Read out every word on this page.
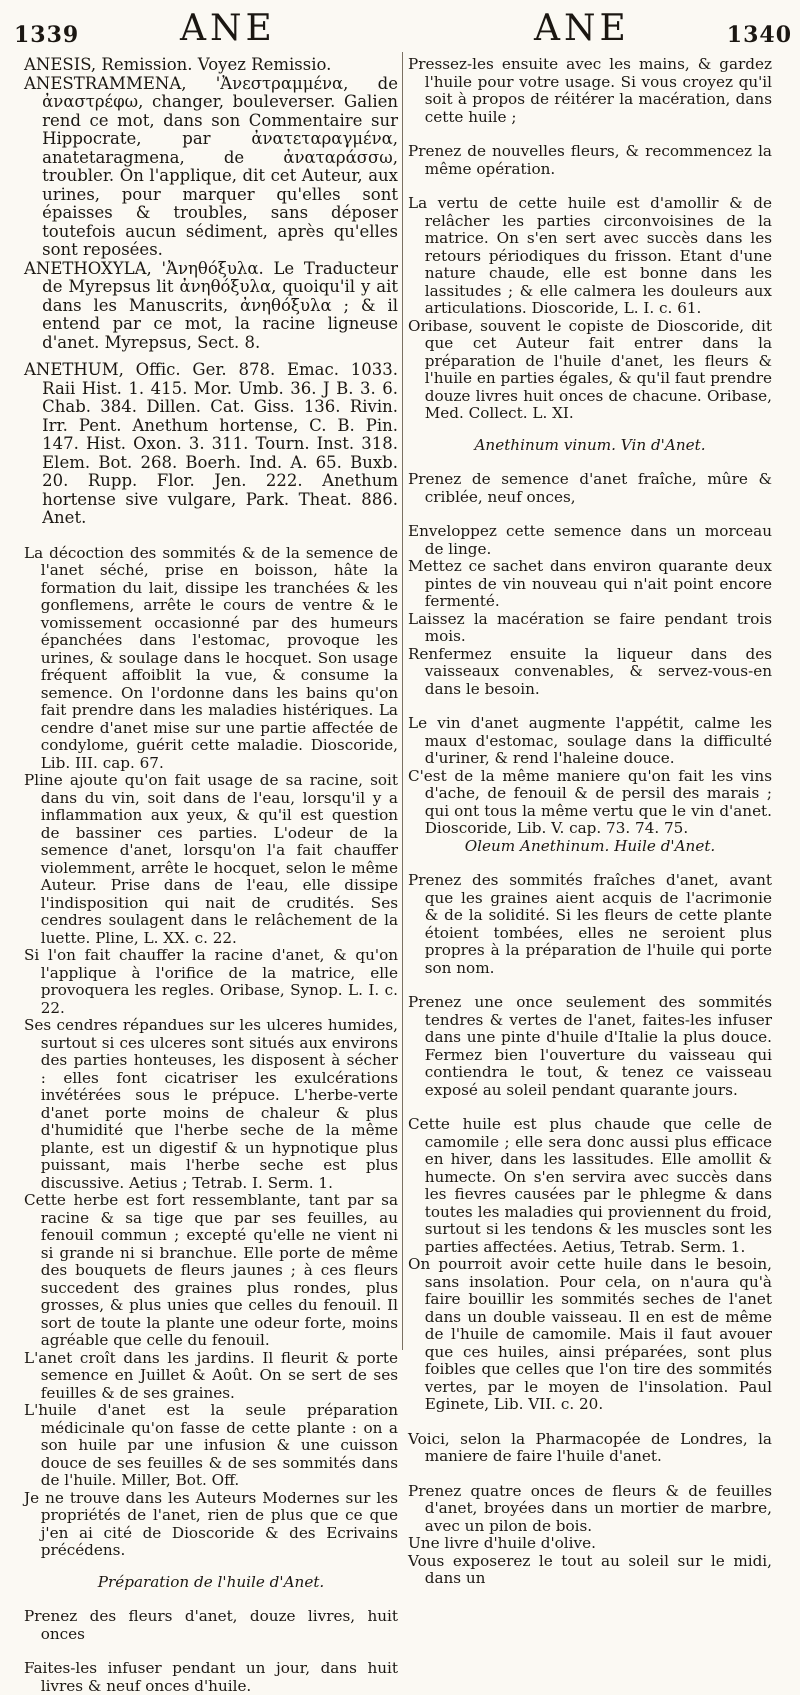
1339	ANE	ANE	1340

ANESIS, Remission. Voyez Remissio.

ANESTRAMMENA, 'Ἀνεστραμμένα, de ἀναστρέφω, changer, bouleverser. Galien rend ce mot, dans son Commentaire sur Hippocrate, par ἀνατεταραγμένα, anatetaragmena, de ἀναταράσσω, troubler. On l'applique, dit cet Auteur, aux urines, pour marquer qu'elles sont épaisses & troubles, sans déposer toutefois aucun sédiment, après qu'elles sont reposées.

ANETHOXYLA, 'Ἀνηθόξυλα. Le Traducteur de Myrepsus lit ἀνηθόξυλα, quoiqu'il y ait dans les Manuscrits, ἀνηθόξυλα ; & il entend par ce mot, la racine ligneuse d'anet. Myrepsus, Sect. 8.

ANETHUM, Offic. Ger. 878. Emac. 1033. Raii Hist. 1. 415. Mor. Umb. 36. J B. 3. 6. Chab. 384. Dillen. Cat. Giss. 136. Rivin. Irr. Pent. Anethum hortense, C. B. Pin. 147. Hist. Oxon. 3. 311. Tourn. Inst. 318. Elem. Bot. 268. Boerh. Ind. A. 65. Buxb. 20. Rupp. Flor. Jen. 222. Anethum hortense sive vulgare, Park. Theat. 886. Anet.

La décoction des sommités & de la semence de l'anet séché, prise en boisson, hâte la formation du lait, dissipe les tranchées & les gonflemens, arrête le cours de ventre & le vomissement occasionné par des humeurs épanchées dans l'estomac, provoque les urines, & soulage dans le hocquet. Son usage fréquent affoiblit la vue, & consume la semence. On l'ordonne dans les bains qu'on fait prendre dans les maladies histériques. La cendre d'anet mise sur une partie affectée de condylome, guérit cette maladie. Dioscoride, Lib. III. cap. 67.

Pline ajoute qu'on fait usage de sa racine, soit dans du vin, soit dans de l'eau, lorsqu'il y a inflammation aux yeux, & qu'il est question de bassiner ces parties. L'odeur de la semence d'anet, lorsqu'on l'a fait chauffer violemment, arrête le hocquet, selon le même Auteur. Prise dans de l'eau, elle dissipe l'indisposition qui nait de crudités. Ses cendres soulagent dans le relâchement de la luette. Pline, L. XX. c. 22.

Si l'on fait chauffer la racine d'anet, & qu'on l'applique à l'orifice de la matrice, elle provoquera les regles. Oribase, Synop. L. I. c. 22.

Ses cendres répandues sur les ulceres humides, surtout si ces ulceres sont situés aux environs des parties honteuses, les disposent à sécher : elles font cicatriser les exulcérations invétérées sous le prépuce. L'herbe-verte d'anet porte moins de chaleur & plus d'humidité que l'herbe seche de la même plante, est un digestif & un hypnotique plus puissant, mais l'herbe seche est plus discussive. Aetius ; Tetrab. I. Serm. 1.

Cette herbe est fort ressemblante, tant par sa racine & sa tige que par ses feuilles, au fenouil commun ; excepté qu'elle ne vient ni si grande ni si branchue. Elle porte de même des bouquets de fleurs jaunes ; à ces fleurs succedent des graines plus rondes, plus grosses, & plus unies que celles du fenouil. Il sort de toute la plante une odeur forte, moins agréable que celle du fenouil.

L'anet croît dans les jardins. Il fleurit & porte semence en Juillet & Août. On se sert de ses feuilles & de ses graines.

L'huile d'anet est la seule préparation médicinale qu'on fasse de cette plante : on a son huile par une infusion & une cuisson douce de ses feuilles & de ses sommités dans de l'huile. Miller, Bot. Off.

Je ne trouve dans les Auteurs Modernes sur les propriétés de l'anet, rien de plus que ce que j'en ai cité de Dioscoride & des Ecrivains précédens.

Préparation de l'huile d'Anet.

Prenez des fleurs d'anet, douze livres, huit onces

Faites-les infuser pendant un jour, dans huit livres & neuf onces d'huile.

Pressez-les ensuite avec les mains, & gardez l'huile pour votre usage. Si vous croyez qu'il soit à propos de réitérer la macération, dans cette huile ;

Prenez de nouvelles fleurs, & recommencez la même opération.

La vertu de cette huile est d'amollir & de relâcher les parties circonvoisines de la matrice. On s'en sert avec succès dans les retours périodiques du frisson. Etant d'une nature chaude, elle est bonne dans les lassitudes ; & elle calmera les douleurs aux articulations. Dioscoride, L. I. c. 61.

Oribase, souvent le copiste de Dioscoride, dit que cet Auteur fait entrer dans la préparation de l'huile d'anet, les fleurs & l'huile en parties égales, & qu'il faut prendre douze livres huit onces de chacune. Oribase, Med. Collect. L. XI.

Anethinum vinum. Vin d'Anet.

Prenez de semence d'anet fraîche, mûre & criblée, neuf onces,

Enveloppez cette semence dans un morceau de linge.

Mettez ce sachet dans environ quarante deux pintes de vin nouveau qui n'ait point encore fermenté.

Laissez la macération se faire pendant trois mois.

Renfermez ensuite la liqueur dans des vaisseaux convenables, & servez-vous-en dans le besoin.

Le vin d'anet augmente l'appétit, calme les maux d'estomac, soulage dans la difficulté d'uriner, & rend l'haleine douce.

C'est de la même maniere qu'on fait les vins d'ache, de fenouil & de persil des marais ; qui ont tous la même vertu que le vin d'anet. Dioscoride, Lib. V. cap. 73. 74. 75.

Oleum Anethinum. Huile d'Anet.

Prenez des sommités fraîches d'anet, avant que les graines aient acquis de l'acrimonie & de la solidité. Si les fleurs de cette plante étoient tombées, elles ne seroient plus propres à la préparation de l'huile qui porte son nom.

Prenez une once seulement des sommités tendres & vertes de l'anet, faites-les infuser dans une pinte d'huile d'Italie la plus douce. Fermez bien l'ouverture du vaisseau qui contiendra le tout, & tenez ce vaisseau exposé au soleil pendant quarante jours.

Cette huile est plus chaude que celle de camomile ; elle sera donc aussi plus efficace en hiver, dans les lassitudes. Elle amollit & humecte. On s'en servira avec succès dans les fievres causées par le phlegme & dans toutes les maladies qui proviennent du froid, surtout si les tendons & les muscles sont les parties affectées. Aetius, Tetrab. Serm. 1.

On pourroit avoir cette huile dans le besoin, sans insolation. Pour cela, on n'aura qu'à faire bouillir les sommités seches de l'anet dans un double vaisseau. Il en est de même de l'huile de camomile. Mais il faut avouer que ces huiles, ainsi préparées, sont plus foibles que celles que l'on tire des sommités vertes, par le moyen de l'insolation. Paul Eginete, Lib. VII. c. 20.

Voici, selon la Pharmacopée de Londres, la maniere de faire l'huile d'anet.

Prenez quatre onces de fleurs & de feuilles d'anet, broyées dans un mortier de marbre, avec un pilon de bois.

Une livre d'huile d'olive.

Vous exposerez le tout au soleil sur le midi, dans un
